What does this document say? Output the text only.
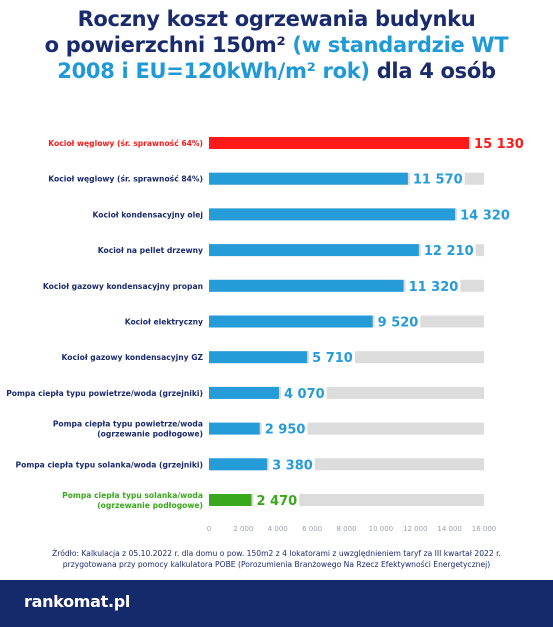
Roczny koszt ogrzewania budynku
o powierzchni 150m² (w standardzie WT
2008 i EU=120kWh/m² rok) dla 4 osób
15 130
Kocioł węglowy (śr. sprawność 64%)
11 570
Kocioł węglowy (śr. sprawność 84%)
14 320
Kocioł kondensacyjny olej
12 210
Kocioł na pellet drzewny
11 320
Kocioł gazowy kondensacyjny propan
9 520
Kocioł elektryczny
5 710
Kocioł gazowy kondensacyjny GZ
4 070
Pompa ciepła typu powietrze/woda (grzejniki)
2 950
Pompa ciepła typu powietrze/woda (ogrzewanie podłogowe)
3 380
Pompa ciepła typu solanka/woda (grzejniki)
2 470
Pompa ciepła typu solanka/woda (ogrzewanie podłogowe)
0	2 000 4 000 6 000 8 000 10 000 12 000 14 000 16 000
Źródło: Kalkulacja z 05.10.2022 r. dla domu o pow. 150m2 z 4 lokatorami z uwzględnieniem taryf za III kwartał 2022 r.
przygotowana przy pomocy kalkulatora POBE (Porozumienia Branżowego Na Rzecz Efektywności Energetycznej)
rankomat.pl
